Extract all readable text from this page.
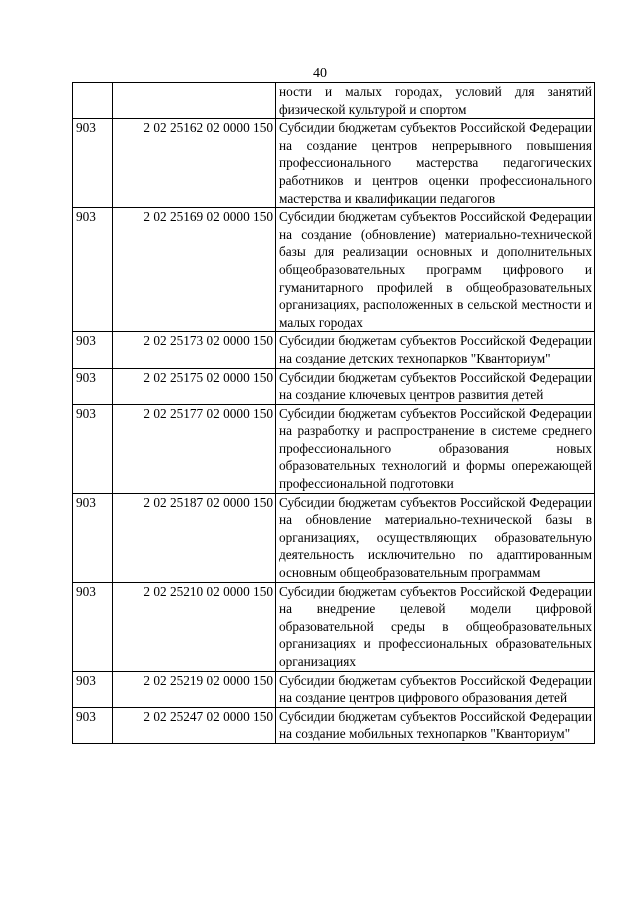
40
		ности и малых городах, условий для занятий физической культурой и спортом
903	2 02 25162 02 0000 150	Субсидии бюджетам субъектов Российской Федерации на создание центров непрерывного повышения профессионального мастерства педагогических работников и центров оценки профессионального мастерства и квалификации педагогов
903	2 02 25169 02 0000 150	Субсидии бюджетам субъектов Российской Федерации на создание (обновление) материально-технической базы для реализации основных и дополнительных общеобразовательных программ цифрового и гуманитарного профилей в общеобразовательных организациях, расположенных в сельской местности и малых городах
903	2 02 25173 02 0000 150	Субсидии бюджетам субъектов Российской Федерации на создание детских технопарков "Кванториум"
903	2 02 25175 02 0000 150	Субсидии бюджетам субъектов Российской Федерации на создание ключевых центров развития детей
903	2 02 25177 02 0000 150	Субсидии бюджетам субъектов Российской Федерации на разработку и распространение в системе среднего профессионального образования новых образовательных технологий и формы опережающей профессиональной подготовки
903	2 02 25187 02 0000 150	Субсидии бюджетам субъектов Российской Федерации на обновление материально-технической базы в организациях, осуществляющих образовательную деятельность исключительно по адаптированным основным общеобразовательным программам
903	2 02 25210 02 0000 150	Субсидии бюджетам субъектов Российской Федерации на внедрение целевой модели цифровой образовательной среды в общеобразовательных организациях и профессиональных образовательных организациях
903	2 02 25219 02 0000 150	Субсидии бюджетам субъектов Российской Федерации на создание центров цифрового образования детей
903	2 02 25247 02 0000 150	Субсидии бюджетам субъектов Российской Федерации на создание мобильных технопарков "Кванториум"
